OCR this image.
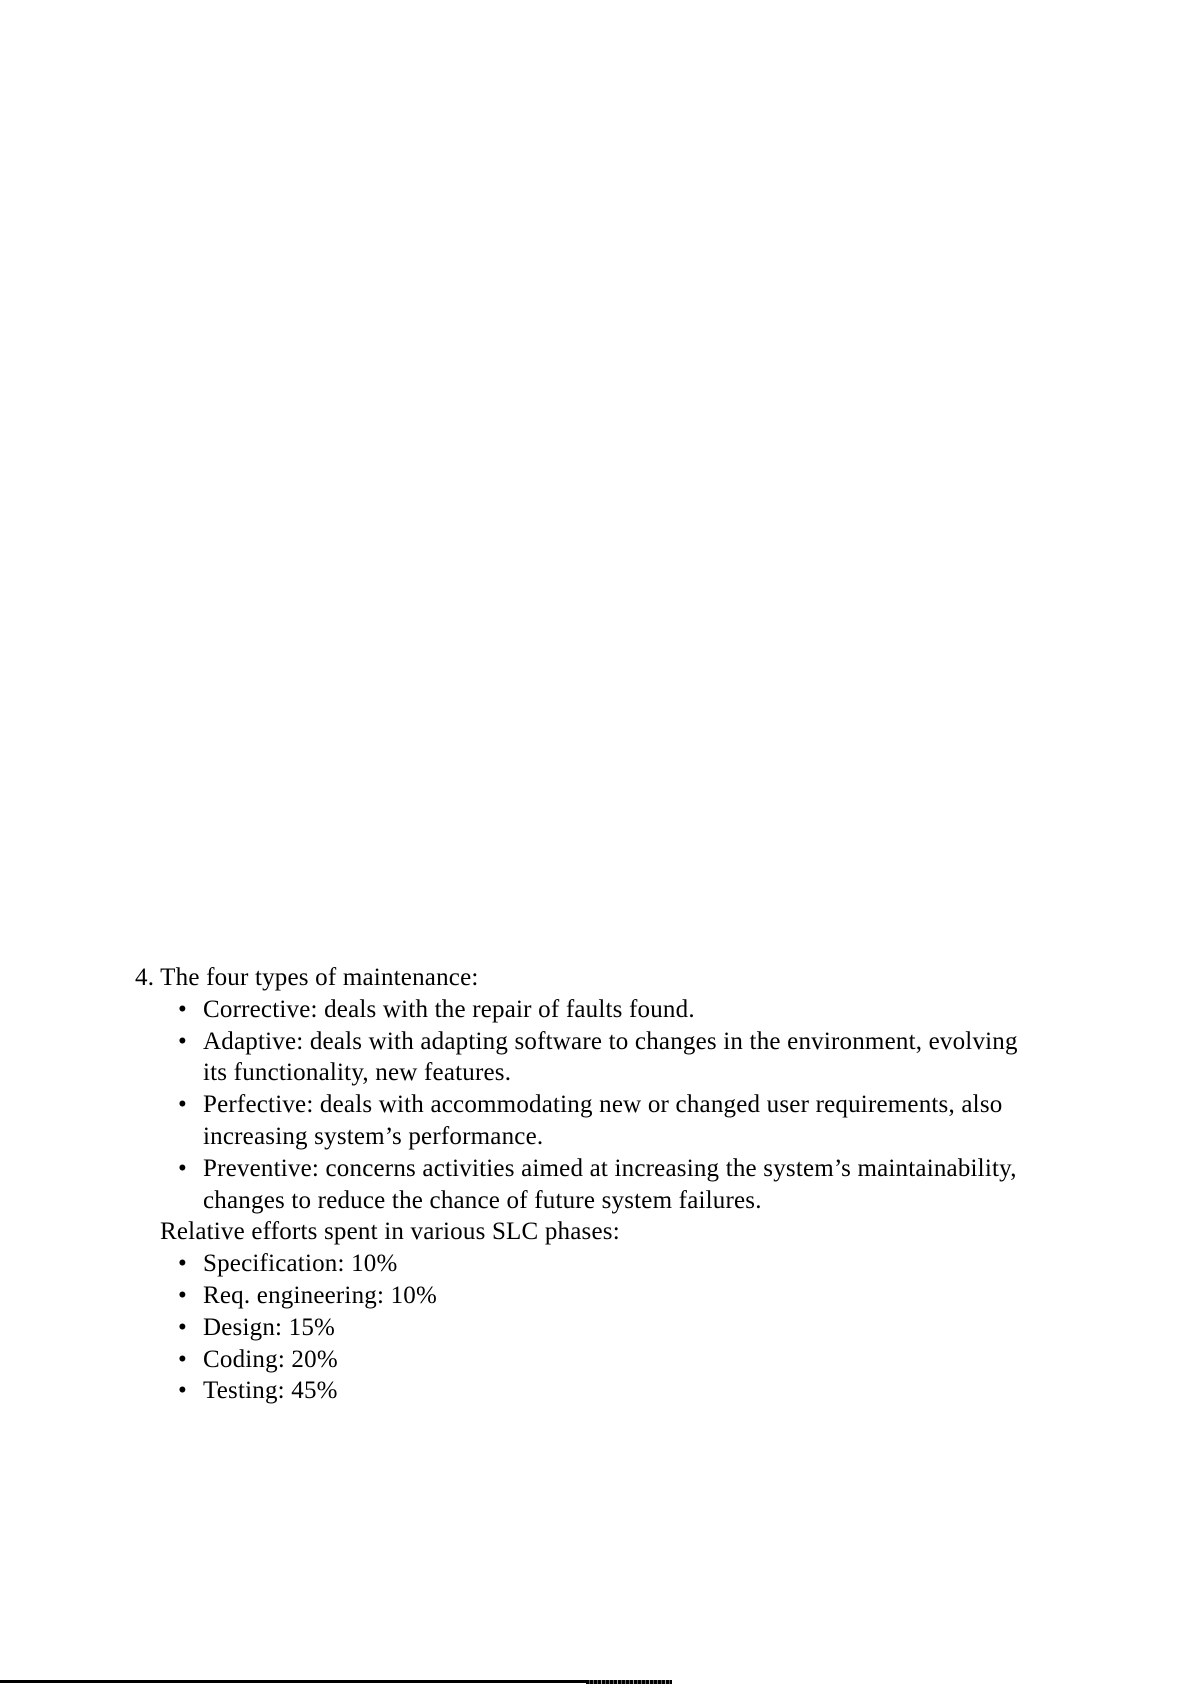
4. The four types of maintenance:

• Corrective: deals with the repair of faults found.
• Adaptive: deals with adapting software to changes in the environment, evolving
its functionality, new features.
• Perfective: deals with accommodating new or changed user requirements, also
increasing system’s performance.
• Preventive: concerns activities aimed at increasing the system’s maintainability,
changes to reduce the chance of future system failures.

Relative efforts spent in various SLC phases:

• Specification: 10%
• Req. engineering: 10%
• Design: 15%
• Coding: 20%
• Testing: 45%
